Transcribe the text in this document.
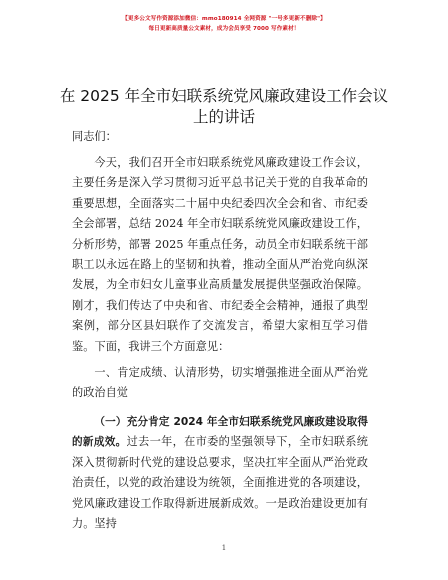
【更多公文写作资源添加微信：mmo180914 全网资源 "一号多更新不删除"】
每日更新高质量公文素材，成为会员享受 7000 写作素材！
在 2025 年全市妇联系统党风廉政建设工作会议
上的讲话
同志们：
今天，我们召开全市妇联系统党风廉政建设工作会议，主要任务是深入学习贯彻习近平总书记关于党的自我革命的重要思想，全面落实二十届中央纪委四次全会和省、市纪委全会部署，总结 2024 年全市妇联系统党风廉政建设工作，分析形势，部署 2025 年重点任务，动员全市妇联系统干部职工以永远在路上的坚韧和执着，推动全面从严治党向纵深发展，为全市妇女儿童事业高质量发展提供坚强政治保障。刚才，我们传达了中央和省、市纪委全会精神，通报了典型案例，部分区县妇联作了交流发言，希望大家相互学习借鉴。下面，我讲三个方面意见：
一、肯定成绩、认清形势，切实增强推进全面从严治党的政治自觉
（一）充分肯定 2024 年全市妇联系统党风廉政建设取得的新成效。过去一年，在市委的坚强领导下，全市妇联系统深入贯彻新时代党的建设总要求，坚决扛牢全面从严治党政治责任，以党的政治建设为统领，全面推进党的各项建设，党风廉政建设工作取得新进展新成效。一是政治建设更加有力。坚持
1
